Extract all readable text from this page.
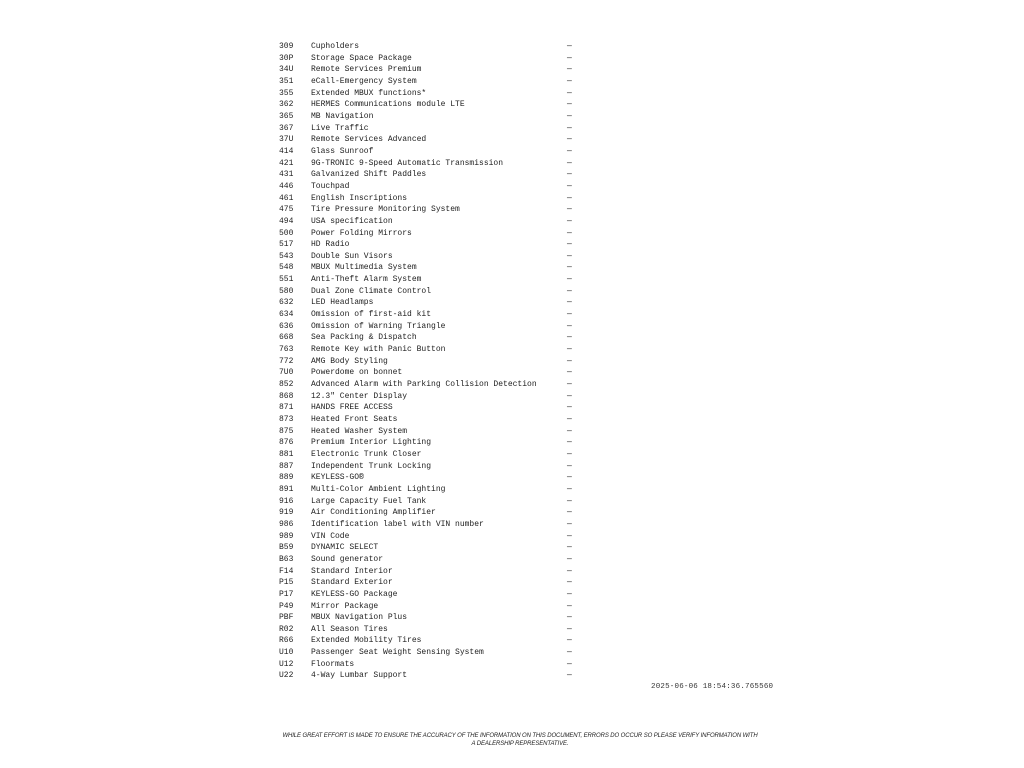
309 Cupholders	—
30P Storage Space Package	—
34U Remote Services Premium	—
351 eCall-Emergency System	—
355 Extended MBUX functions*	—
362 HERMES Communications module LTE	—
365 MB Navigation	—
367 Live Traffic	—
37U Remote Services Advanced	—
414 Glass Sunroof	—
421 9G-TRONIC 9-Speed Automatic Transmission	—
431 Galvanized Shift Paddles	—
446 Touchpad	—
461 English Inscriptions	—
475 Tire Pressure Monitoring System	—
494 USA specification	—
500 Power Folding Mirrors	—
517 HD Radio	—
543 Double Sun Visors	—
548 MBUX Multimedia System	—
551 Anti-Theft Alarm System	—
580 Dual Zone Climate Control	—
632 LED Headlamps	—
634 Omission of first-aid kit	—
636 Omission of Warning Triangle	—
668 Sea Packing & Dispatch	—
763 Remote Key with Panic Button	—
772 AMG Body Styling	—
7U0 Powerdome on bonnet	—
852 Advanced Alarm with Parking Collision Detection	—
868 12.3" Center Display	—
871 HANDS FREE ACCESS	—
873 Heated Front Seats	—
875 Heated Washer System	—
876 Premium Interior Lighting	—
881 Electronic Trunk Closer	—
887 Independent Trunk Locking	—
889 KEYLESS-GO®	—
891 Multi-Color Ambient Lighting	—
916 Large Capacity Fuel Tank	—
919 Air Conditioning Amplifier	—
986 Identification label with VIN number	—
989 VIN Code	—
B59 DYNAMIC SELECT	—
B63 Sound generator	—
F14 Standard Interior	—
P15 Standard Exterior	—
P17 KEYLESS-GO Package	—
P49 Mirror Package	—
PBF MBUX Navigation Plus	—
R02 All Season Tires	—
R66 Extended Mobility Tires	—
U10 Passenger Seat Weight Sensing System	—
U12 Floormats	—
U22 4-Way Lumbar Support	—
2025-06-06 18:54:36.765560
WHILE GREAT EFFORT IS MADE TO ENSURE THE ACCURACY OF THE INFORMATION ON THIS DOCUMENT, ERRORS DO OCCUR SO PLEASE VERIFY INFORMATION WITH A DEALERSHIP REPRESENTATIVE.
